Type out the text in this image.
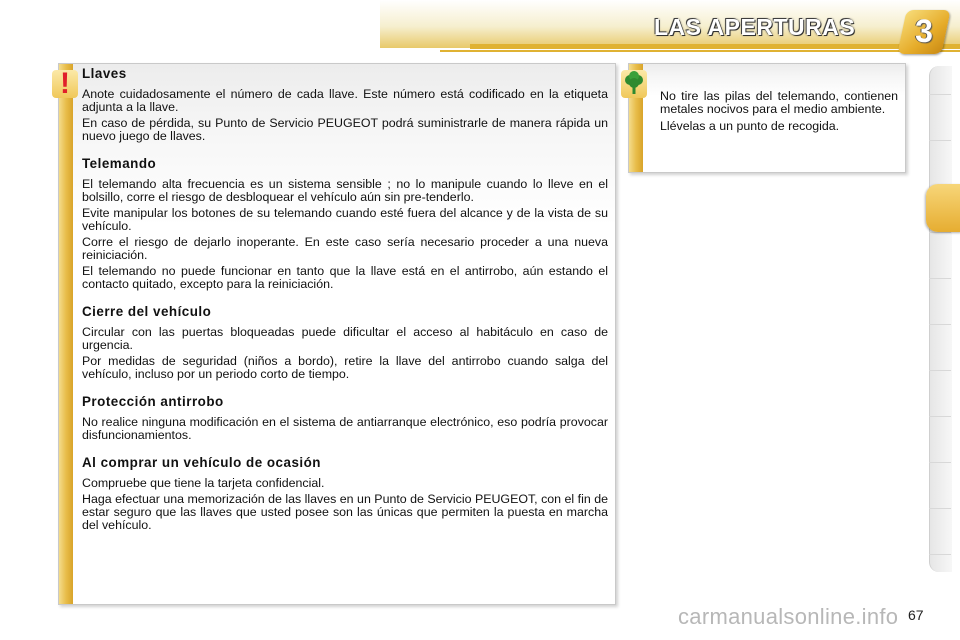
LAS APERTURAS	3
! Llaves
Anote cuidadosamente el número de cada llave. Este número está codificado en la etiqueta adjunta a la llave.
En caso de pérdida, su Punto de Servicio PEUGEOT podrá suministrarle de manera rápida un nuevo juego de llaves.
Telemando
El telemando alta frecuencia es un sistema sensible ; no lo manipule cuando lo lleve en el bolsillo, corre el riesgo de desbloquear el vehículo aún sin pre-tenderlo.
Evite manipular los botones de su telemando cuando esté fuera del alcance y de la vista de su vehículo.
Corre el riesgo de dejarlo inoperante. En este caso sería necesario proceder a una nueva reiniciación.
El telemando no puede funcionar en tanto que la llave está en el antirrobo, aún estando el contacto quitado, excepto para la reiniciación.
Cierre del vehículo
Circular con las puertas bloqueadas puede dificultar el acceso al habitáculo en caso de urgencia.
Por medidas de seguridad (niños a bordo), retire la llave del antirrobo cuando salga del vehículo, incluso por un periodo corto de tiempo.
Protección antirrobo
No realice ninguna modificación en el sistema de antiarranque electrónico, eso podría provocar disfuncionamientos.
Al comprar un vehículo de ocasión
Compruebe que tiene la tarjeta confidencial.
Haga efectuar una memorización de las llaves en un Punto de Servicio PEUGEOT, con el fin de estar seguro que las llaves que usted posee son las únicas que permiten la puesta en marcha del vehículo.
No tire las pilas del telemando, contienen metales nocivos para el medio ambiente.
Llévelas a un punto de recogida.
carmanualsonline.info 67
